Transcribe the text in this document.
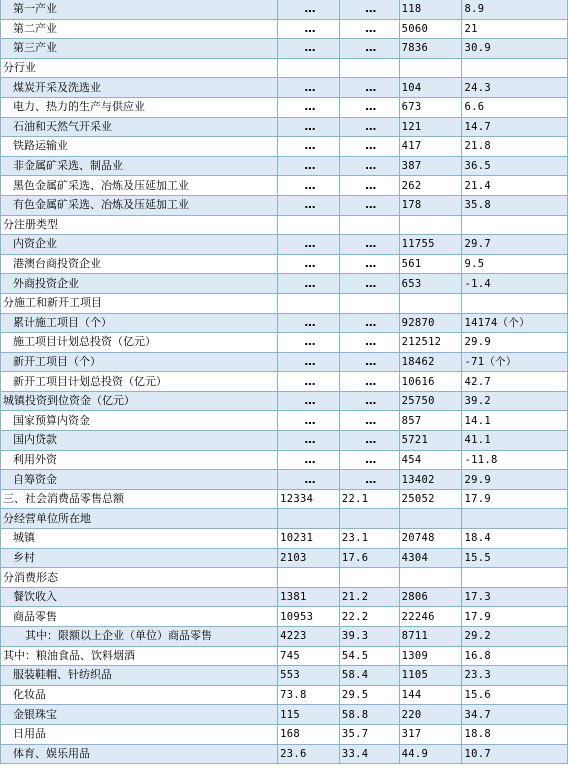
第一产业	…	…	118	8.9
第二产业	…	…	5060	21
第三产业	…	…	7836	30.9
分行业				
煤炭开采及洗选业	…	…	104	24.3
电力、热力的生产与供应业	…	…	673	6.6
石油和天然气开采业	…	…	121	14.7
铁路运输业	…	…	417	21.8
非金属矿采选、制品业	…	…	387	36.5
黑色金属矿采选、冶炼及压延加工业	…	…	262	21.4
有色金属矿采选、冶炼及压延加工业	…	…	178	35.8
分注册类型				
内资企业	…	…	11755	29.7
港澳台商投资企业	…	…	561	9.5
外商投资企业	…	…	653	-1.4
分施工和新开工项目				
累计施工项目（个）	…	…	92870	14174（个）
施工项目计划总投资（亿元）	…	…	212512	29.9
新开工项目（个）	…	…	18462	-71（个）
新开工项目计划总投资（亿元）	…	…	10616	42.7
城镇投资到位资金（亿元）	…	…	25750	39.2
国家预算内资金	…	…	857	14.1
国内贷款	…	…	5721	41.1
利用外资	…	…	454	-11.8
自筹资金	…	…	13402	29.9
三、社会消费品零售总额	12334	22.1	25052	17.9
分经营单位所在地				
城镇	10231	23.1	20748	18.4
乡村	2103	17.6	4304	15.5
分消费形态				
餐饮收入	1381	21.2	2806	17.3
商品零售	10953	22.2	22246	17.9
其中：限额以上企业（单位）商品零售	4223	39.3	8711	29.2
其中：粮油食品、饮料烟酒	745	54.5	1309	16.8
服装鞋帽、针纺织品	553	58.4	1105	23.3
化妆品	73.8	29.5	144	15.6
金银珠宝	115	58.8	220	34.7
日用品	168	35.7	317	18.8
体育、娱乐用品	23.6	33.4	44.9	10.7
